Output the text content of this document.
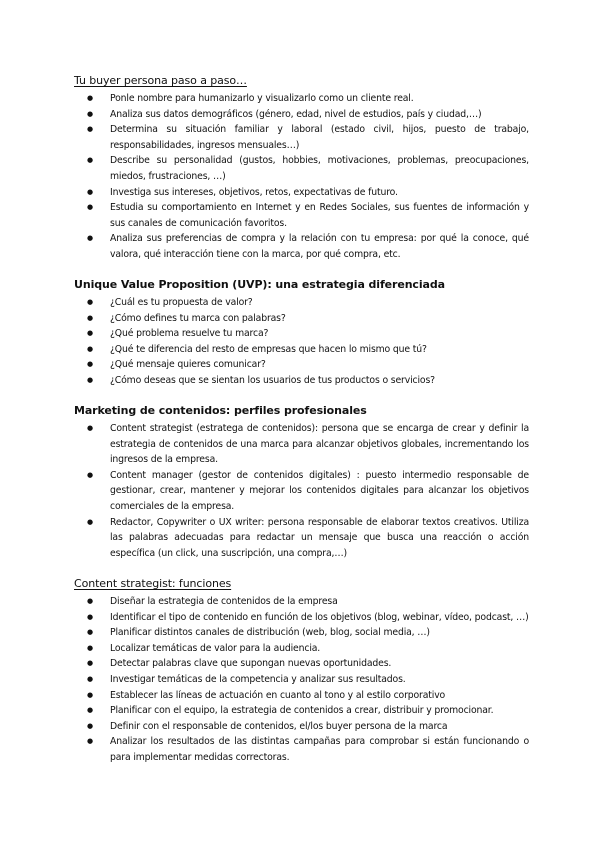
Tu buyer persona paso a paso…

● Ponle nombre para humanizarlo y visualizarlo como un cliente real.
● Analiza sus datos demográficos (género, edad, nivel de estudios, país y ciudad,…)
● Determina su situación familiar y laboral (estado civil, hijos, puesto de trabajo, responsabilidades, ingresos mensuales…)
● Describe su personalidad (gustos, hobbies, motivaciones, problemas, preocupaciones, miedos, frustraciones, …)
● Investiga sus intereses, objetivos, retos, expectativas de futuro.
● Estudia su comportamiento en Internet y en Redes Sociales, sus fuentes de información y sus canales de comunicación favoritos.
● Analiza sus preferencias de compra y la relación con tu empresa: por qué la conoce, qué valora, qué interacción tiene con la marca, por qué compra, etc.

Unique Value Proposition (UVP): una estrategia diferenciada

● ¿Cuál es tu propuesta de valor?
● ¿Cómo defines tu marca con palabras?
● ¿Qué problema resuelve tu marca?
● ¿Qué te diferencia del resto de empresas que hacen lo mismo que tú?
● ¿Qué mensaje quieres comunicar?
● ¿Cómo deseas que se sientan los usuarios de tus productos o servicios?

Marketing de contenidos: perfiles profesionales

● Content strategist (estratega de contenidos): persona que se encarga de crear y definir la estrategia de contenidos de una marca para alcanzar objetivos globales, incrementando los ingresos de la empresa.
● Content manager (gestor de contenidos digitales) : puesto intermedio responsable de gestionar, crear, mantener y mejorar los contenidos digitales para alcanzar los objetivos comerciales de la empresa.
● Redactor, Copywriter o UX writer: persona responsable de elaborar textos creativos. Utiliza las palabras adecuadas para redactar un mensaje que busca una reacción o acción específica (un click, una suscripción, una compra,…)

Content strategist: funciones

● Diseñar la estrategia de contenidos de la empresa
● Identificar el tipo de contenido en función de los objetivos (blog, webinar, vídeo, podcast, …)
● Planificar distintos canales de distribución (web, blog, social media, …)
● Localizar temáticas de valor para la audiencia.
● Detectar palabras clave que supongan nuevas oportunidades.
● Investigar temáticas de la competencia y analizar sus resultados.
● Establecer las líneas de actuación en cuanto al tono y al estilo corporativo
● Planificar con el equipo, la estrategia de contenidos a crear, distribuir y promocionar.
● Definir con el responsable de contenidos, el/los buyer persona de la marca
● Analizar los resultados de las distintas campañas para comprobar si están funcionando o para implementar medidas correctoras.
